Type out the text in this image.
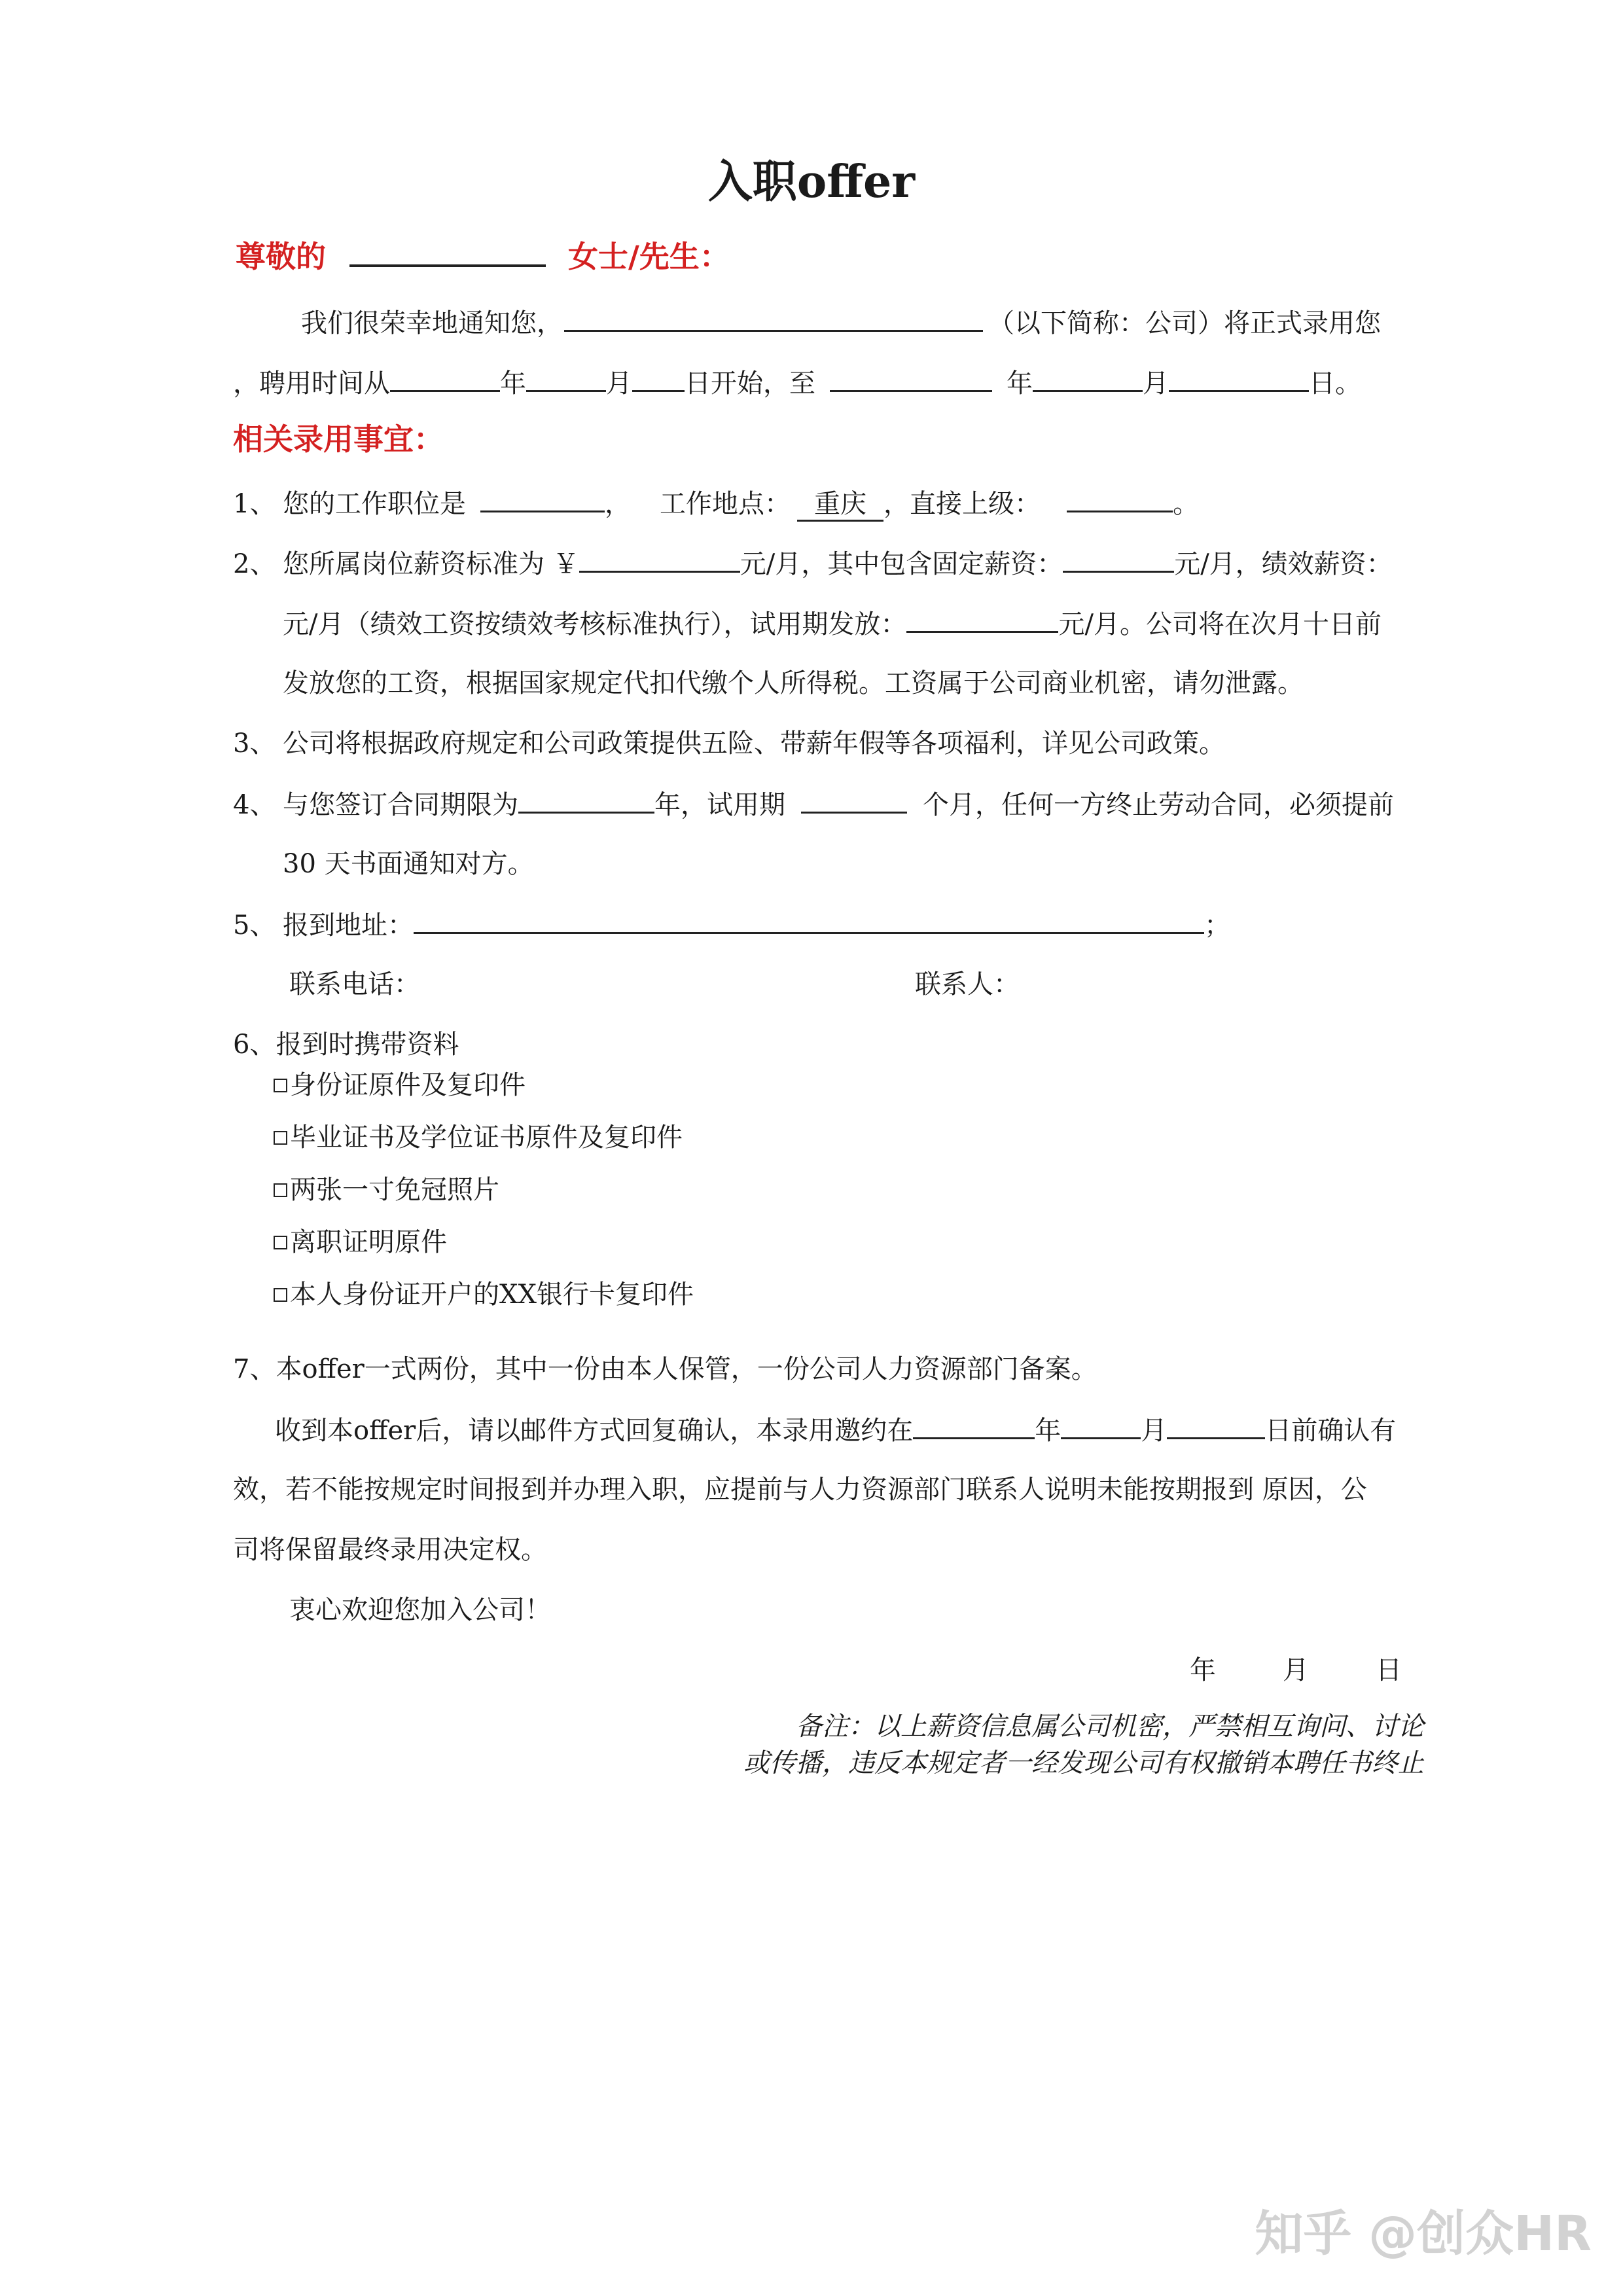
入职offer
尊敬的	女士/先生：
我们很荣幸地通知您，	（以下简称：公司）将正式录用您
，聘用时间从	年	月 日开始，至	年	月	日。
相关录用事宜：
1、 您的工作职位是	， 工作地点： 重庆 ，直接上级：	。
2、 您所属岗位薪资标准为 ￥	元/月，其中包含固定薪资：	元/月，绩效薪资：
元/月（绩效工资按绩效考核标准执行），试用期发放：	元/月。公司将在次月十日前
发放您的工资，根据国家规定代扣代缴个人所得税。工资属于公司商业机密，请勿泄露。
3、 公司将根据政府规定和公司政策提供五险、带薪年假等各项福利，详见公司政策。
4、 与您签订合同期限为	年，试用期	个月，任何一方终止劳动合同，必须提前
30 天书面通知对方。
5、 报到地址：	；
联系电话：	联系人：
6、报到时携带资料
身份证原件及复印件
毕业证书及学位证书原件及复印件
两张一寸免冠照片
离职证明原件
本人身份证开户的XX银行卡复印件
7、本offer一式两份，其中一份由本人保管，一份公司人力资源部门备案。
收到本offer后，请以邮件方式回复确认，本录用邀约在	年	月	日前确认有
效，若不能按规定时间报到并办理入职，应提前与人力资源部门联系人说明未能按期报到 原因，公
司将保留最终录用决定权。
衷心欢迎您加入公司！
年	月	日
备注：以上薪资信息属公司机密，严禁相互询问、讨论
或传播，违反本规定者一经发现公司有权撤销本聘任书终止
知乎 @创众HR
